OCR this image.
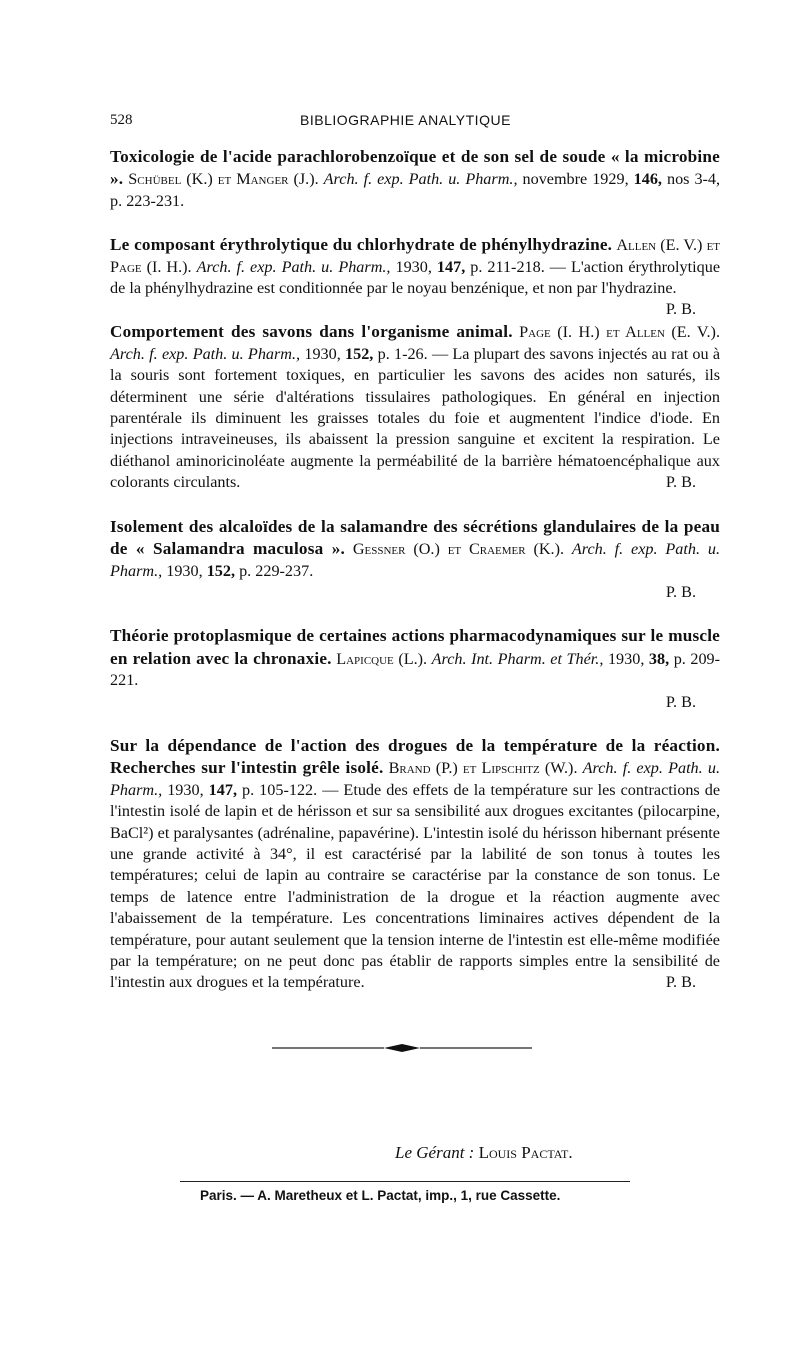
528	BIBLIOGRAPHIE ANALYTIQUE
Toxicologie de l'acide parachlorobenzoïque et de son sel de soude « la microbine ». Schübel (K.) et Manger (J.). Arch. f. exp. Path. u. Pharm., novembre 1929, 146, nos 3-4, p. 223-231.
Le composant érythrolytique du chlorhydrate de phénylhydrazine. Allen (E. V.) et Page (I. H.). Arch. f. exp. Path. u. Pharm., 1930, 147, p. 211-218. — L'action érythrolytique de la phénylhydrazine est conditionnée par le noyau benzénique, et non par l'hydrazine.
P. B.
Comportement des savons dans l'organisme animal. Page (I. H.) et Allen (E. V.). Arch. f. exp. Path. u. Pharm., 1930, 152, p. 1-26. — La plupart des savons injectés au rat ou à la souris sont fortement toxiques, en particulier les savons des acides non saturés, ils déterminent une série d'altérations tissulaires pathologiques. En général en injection parentérale ils diminuent les graisses totales du foie et augmentent l'indice d'iode. En injections intraveineuses, ils abaissent la pression sanguine et excitent la respiration. Le diéthanol aminoricinoléate augmente la perméabilité de la barrière hématoencéphalique aux colorants circulants.	P. B.
Isolement des alcaloïdes de la salamandre des sécrétions glandulaires de la peau de « Salamandra maculosa ». Gessner (O.) et Craemer (K.). Arch. f. exp. Path. u. Pharm., 1930, 152, p. 229-237.
P. B.
Théorie protoplasmique de certaines actions pharmacodynamiques sur le muscle en relation avec la chronaxie. Lapicque (L.). Arch. Int. Pharm. et Thér., 1930, 38, p. 209-221.
P. B.
Sur la dépendance de l'action des drogues de la température de la réaction. Recherches sur l'intestin grêle isolé. Brand (P.) et Lipschitz (W.). Arch. f. exp. Path. u. Pharm., 1930, 147, p. 105-122. — Etude des effets de la température sur les contractions de l'intestin isolé de lapin et de hérisson et sur sa sensibilité aux drogues excitantes (pilocarpine, BaCl²) et paralysantes (adrénaline, papavérine). L'intestin isolé du hérisson hibernant présente une grande activité à 34°, il est caractérisé par la labilité de son tonus à toutes les températures; celui de lapin au contraire se caractérise par la constance de son tonus. Le temps de latence entre l'administration de la drogue et la réaction augmente avec l'abaissement de la température. Les concentrations liminaires actives dépendent de la température, pour autant seulement que la tension interne de l'intestin est elle-même modifiée par la température; on ne peut donc pas établir de rapports simples entre la sensibilité de l'intestin aux drogues et la température.	P. B.
Le Gérant : Louis Pactat.
Paris. — A. Maretheux et L. Pactat, imp., 1, rue Cassette.
